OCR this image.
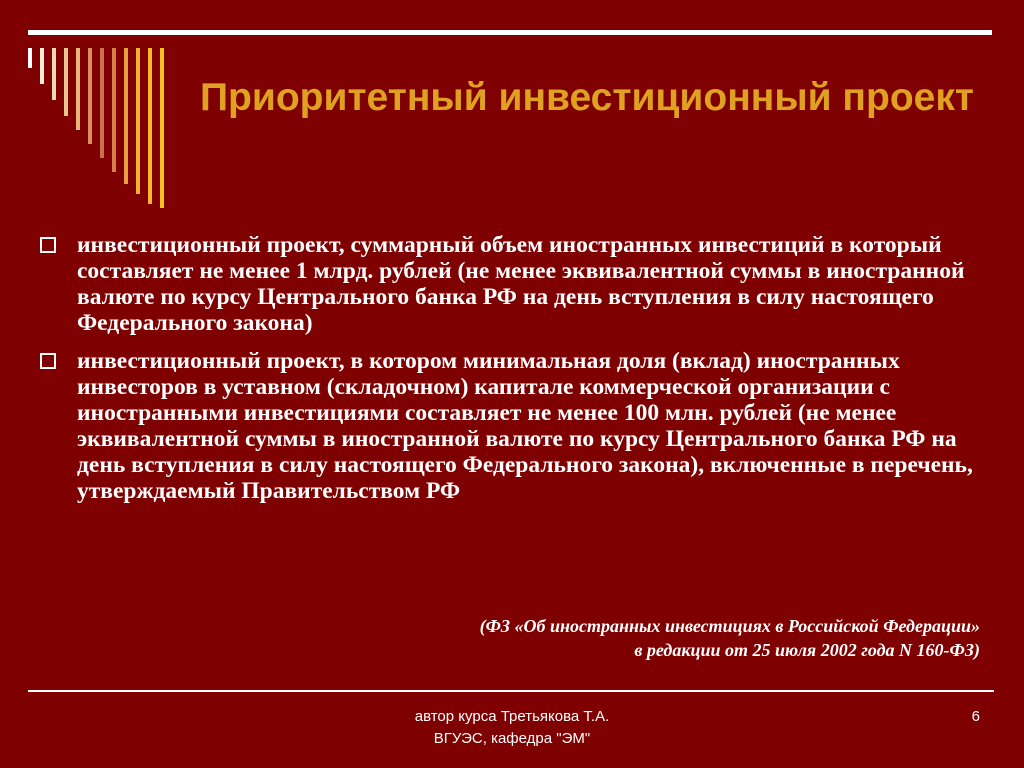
Приоритетный инвестиционный проект
инвестиционный проект, суммарный объем иностранных инвестиций в который составляет не менее 1 млрд. рублей (не менее эквивалентной суммы в иностранной валюте по курсу Центрального банка РФ на день вступления в силу настоящего Федерального закона)
инвестиционный проект, в котором минимальная доля (вклад) иностранных инвесторов в уставном (складочном) капитале коммерческой организации с иностранными инвестициями составляет не менее 100 млн. рублей (не менее эквивалентной суммы в иностранной валюте по курсу Центрального банка РФ на день вступления в силу настоящего Федерального закона), включенные в перечень, утверждаемый Правительством РФ
(ФЗ «Об иностранных инвестициях в Российской Федерации»
в редакции от 25 июля 2002 года N 160-ФЗ)
автор курса Третьякова Т.А.
ВГУЭС, кафедра "ЭМ"
6
